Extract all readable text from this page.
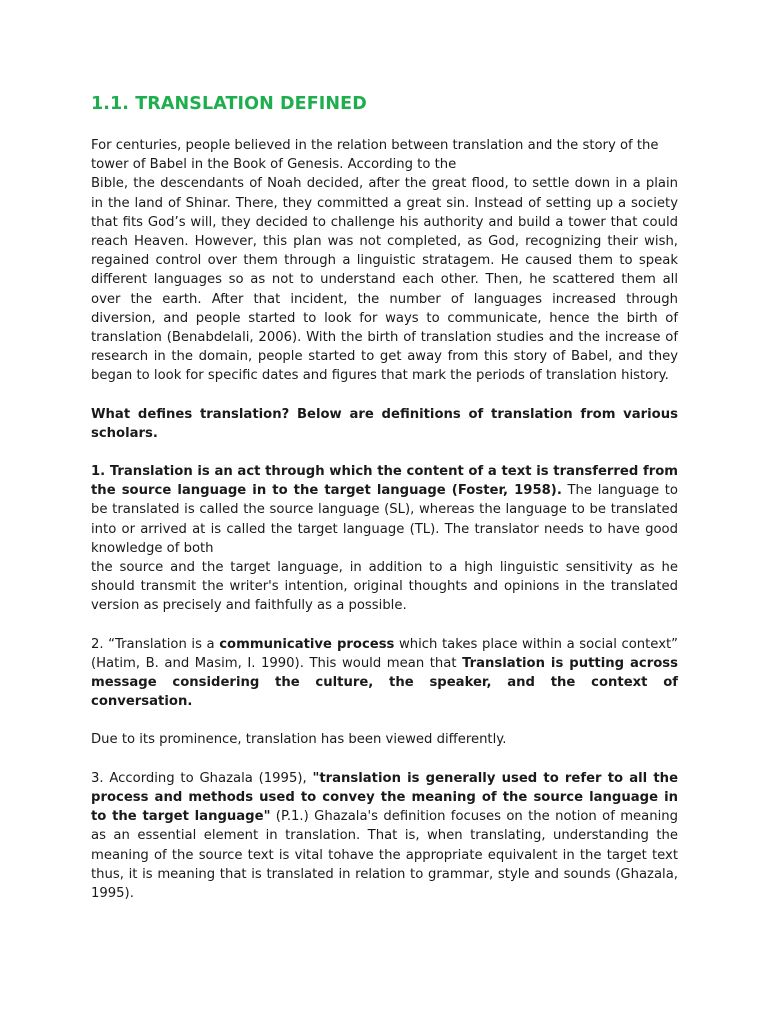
1.1. TRANSLATION DEFINED

For centuries, people believed in the relation between translation and the story of the tower of Babel in the Book of Genesis. According to the

Bible, the descendants of Noah decided, after the great flood, to settle down in a plain in the land of Shinar. There, they committed a great sin. Instead of setting up a society that fits God’s will, they decided to challenge his authority and build a tower that could reach Heaven. However, this plan was not completed, as God, recognizing their wish, regained control over them through a linguistic stratagem. He caused them to speak different languages so as not to understand each other. Then, he scattered them all over the earth. After that incident, the number of languages increased through diversion, and people started to look for ways to communicate, hence the birth of translation (Benabdelali, 2006). With the birth of translation studies and the increase of research in the domain, people started to get away from this story of Babel, and they began to look for specific dates and figures that mark the periods of translation history.

What defines translation? Below are definitions of translation from various scholars.

1. Translation is an act through which the content of a text is transferred from the source language in to the target language (Foster, 1958). The language to be translated is called the source language (SL), whereas the language to be translated into or arrived at is called the target language (TL). The translator needs to have good knowledge of both

the source and the target language, in addition to a high linguistic sensitivity as he should transmit the writer's intention, original thoughts and opinions in the translated version as precisely and faithfully as a possible.

2. “Translation is a communicative process which takes place within a social context” (Hatim, B. and Masim, I. 1990). This would mean that Translation is putting across message considering the culture, the speaker, and the context of conversation.

Due to its prominence, translation has been viewed differently.

3. According to Ghazala (1995), "translation is generally used to refer to all the process and methods used to convey the meaning of the source language in to the target language" (P.1.) Ghazala's definition focuses on the notion of meaning as an essential element in translation. That is, when translating, understanding the meaning of the source text is vital tohave the appropriate equivalent in the target text thus, it is meaning that is translated in relation to grammar, style and sounds (Ghazala, 1995).
